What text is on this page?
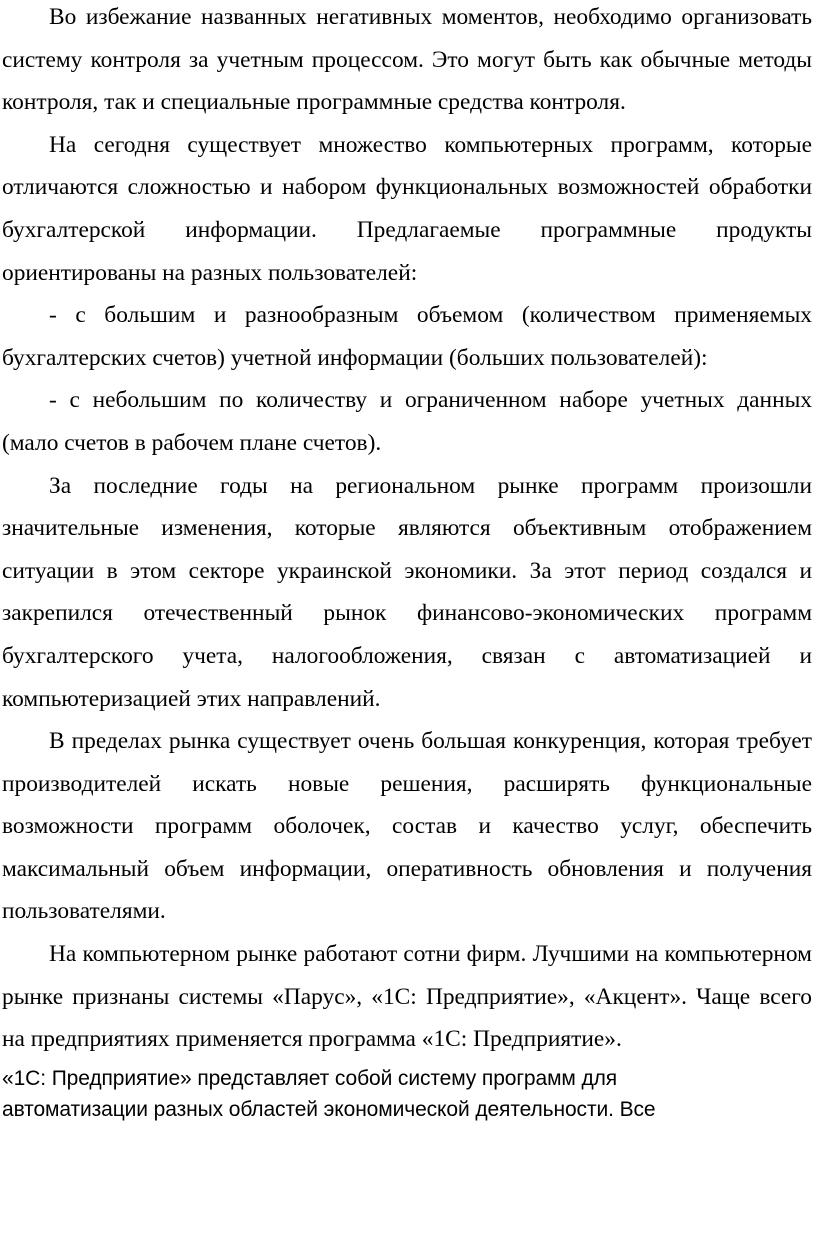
Во избежание названных негативных моментов, необходимо организовать систему контроля за учетным процессом. Это могут быть как обычные методы контроля, так и специальные программные средства контроля.

На сегодня существует множество компьютерных программ, которые отличаются сложностью и набором функциональных возможностей обработки бухгалтерской информации. Предлагаемые программные продукты ориентированы на разных пользователей:

- с большим и разнообразным объемом (количеством применяемых бухгалтерских счетов) учетной информации (больших пользователей):

- с небольшим по количеству и ограниченном наборе учетных данных (мало счетов в рабочем плане счетов).

За последние годы на региональном рынке программ произошли значительные изменения, которые являются объективным отображением ситуации в этом секторе украинской экономики. За этот период создался и закрепился отечественный рынок финансово-экономических программ бухгалтерского учета, налогообложения, связан с автоматизацией и компьютеризацией этих направлений.

В пределах рынка существует очень большая конкуренция, которая требует производителей искать новые решения, расширять функциональные возможности программ оболочек, состав и качество услуг, обеспечить максимальный объем информации, оперативность обновления и получения пользователями.

На компьютерном рынке работают сотни фирм. Лучшими на компьютерном рынке признаны системы «Парус», «1С: Предприятие», «Акцент». Чаще всего на предприятиях применяется программа «1С: Предприятие».

«1С: Предприятие» представляет собой систему программ для
автоматизации разных областей экономической деятельности. Все
